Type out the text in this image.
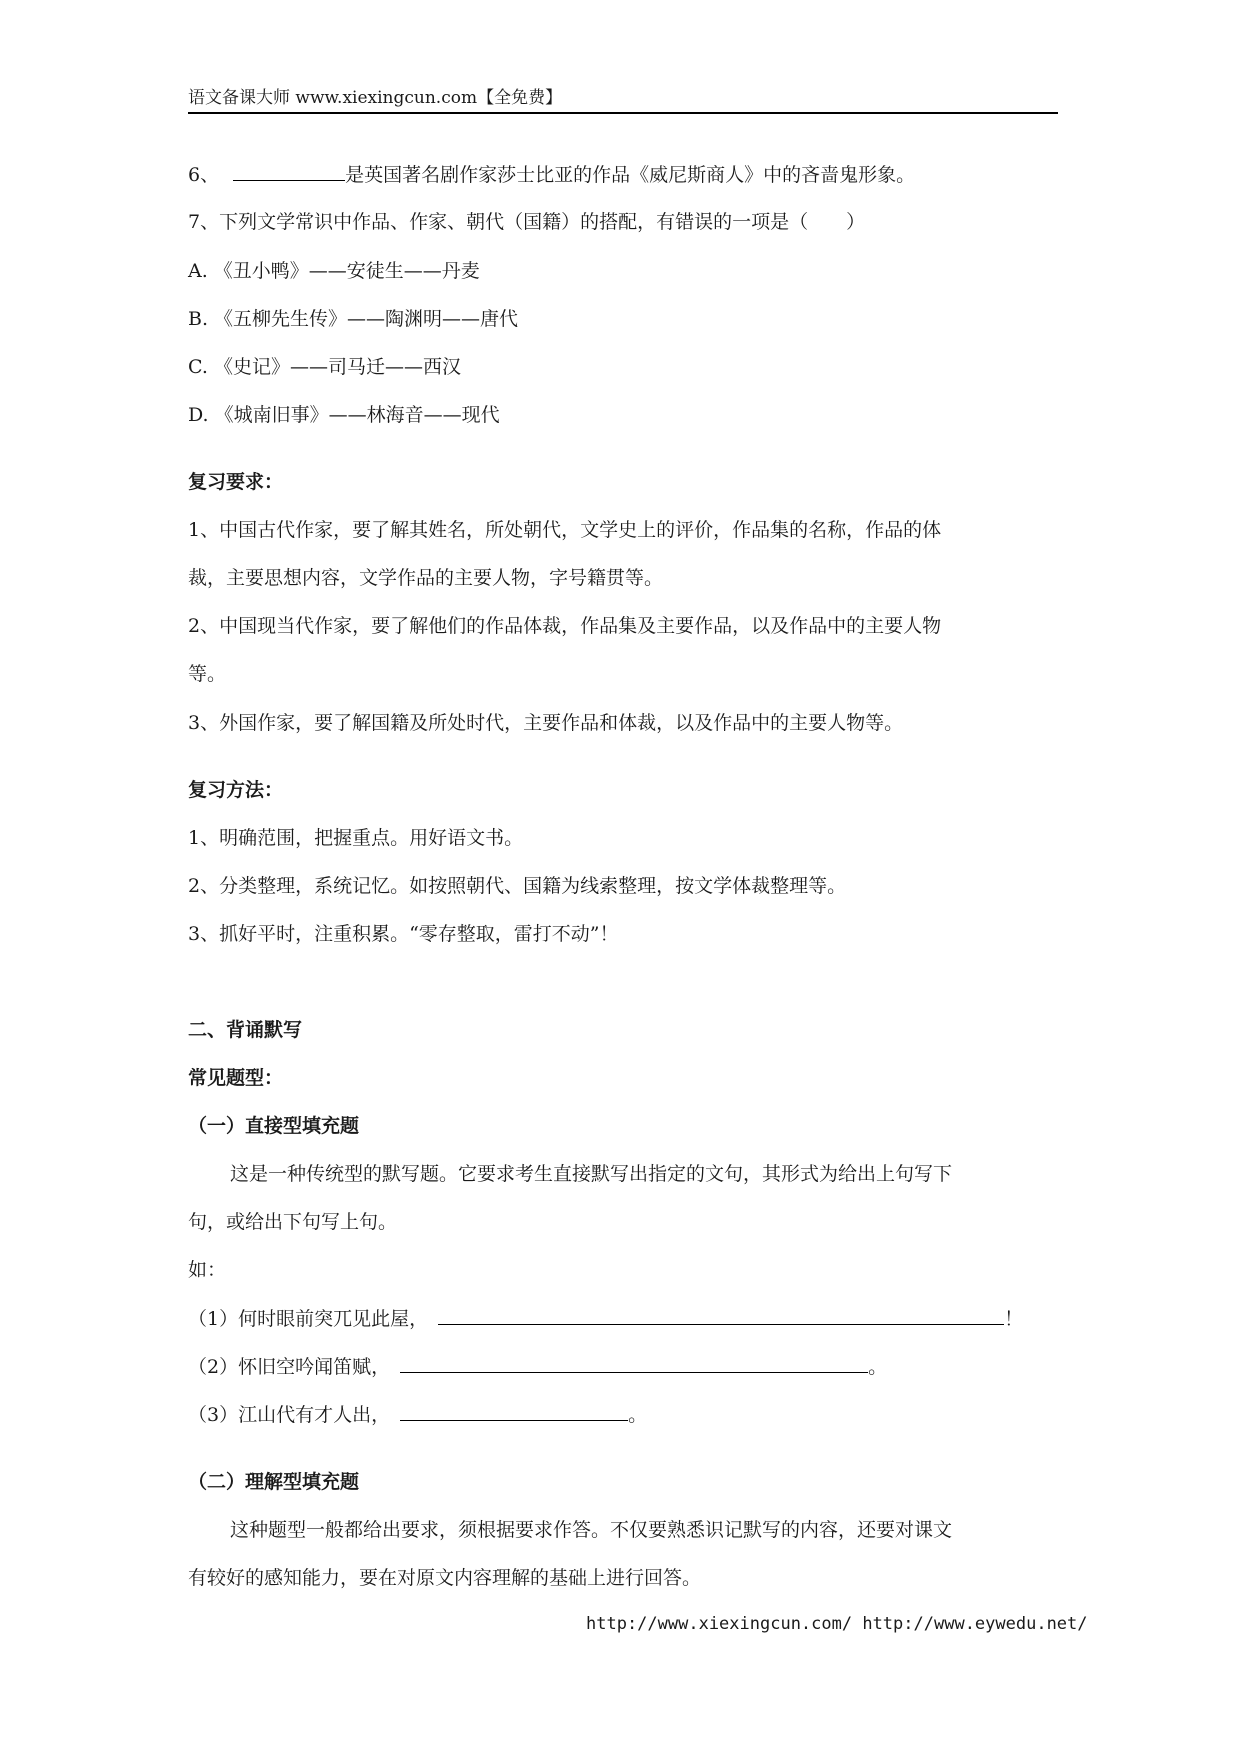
语文备课大师 www.xiexingcun.com【全免费】
6、	是英国著名剧作家莎士比亚的作品《威尼斯商人》中的吝啬鬼形象。
7、下列文学常识中作品、作家、朝代（国籍）的搭配，有错误的一项是（　　）
A. 《丑小鸭》——安徒生——丹麦
B. 《五柳先生传》——陶渊明——唐代
C. 《史记》——司马迁——西汉
D. 《城南旧事》——林海音——现代
复习要求：
1、中国古代作家，要了解其姓名，所处朝代，文学史上的评价，作品集的名称，作品的体
裁，主要思想内容，文学作品的主要人物，字号籍贯等。
2、中国现当代作家，要了解他们的作品体裁，作品集及主要作品，以及作品中的主要人物
等。
3、外国作家，要了解国籍及所处时代，主要作品和体裁，以及作品中的主要人物等。
复习方法：
1、明确范围，把握重点。用好语文书。
2、分类整理，系统记忆。如按照朝代、国籍为线索整理，按文学体裁整理等。
3、抓好平时，注重积累。“零存整取，雷打不动”！
二、背诵默写
常见题型：
（一）直接型填充题
这是一种传统型的默写题。它要求考生直接默写出指定的文句，其形式为给出上句写下
句，或给出下句写上句。
如：
（1）何时眼前突兀见此屋，	！
（2）怀旧空吟闻笛赋，	。
（3）江山代有才人出，	。
（二）理解型填充题
这种题型一般都给出要求，须根据要求作答。不仅要熟悉识记默写的内容，还要对课文
有较好的感知能力，要在对原文内容理解的基础上进行回答。
http://www.xiexingcun.com/ http://www.eywedu.net/
